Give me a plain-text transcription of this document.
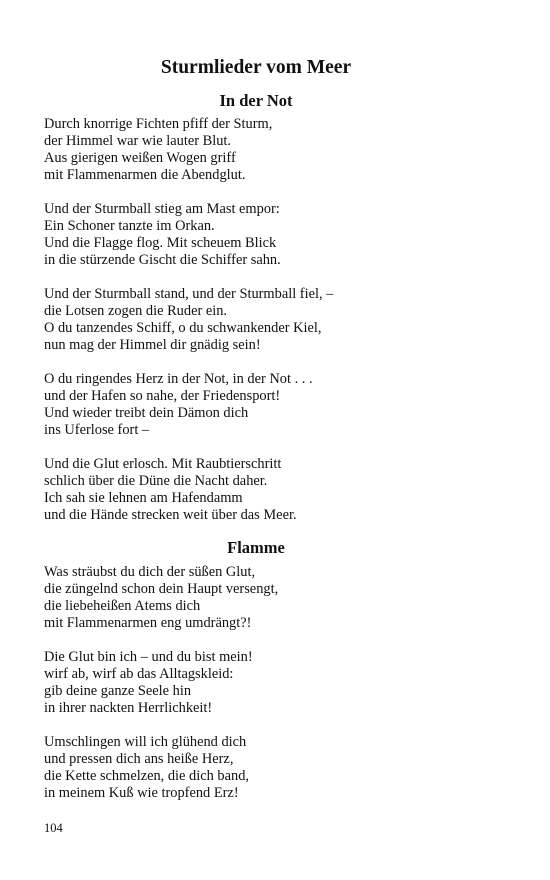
Sturmlieder vom Meer
In der Not
Durch knorrige Fichten pfiff der Sturm,
der Himmel war wie lauter Blut.
Aus gierigen weißen Wogen griff
mit Flammenarmen die Abendglut.
Und der Sturmball stieg am Mast empor:
Ein Schoner tanzte im Orkan.
Und die Flagge flog. Mit scheuem Blick
in die stürzende Gischt die Schiffer sahn.
Und der Sturmball stand, und der Sturmball fiel, –
die Lotsen zogen die Ruder ein.
O du tanzendes Schiff, o du schwankender Kiel,
nun mag der Himmel dir gnädig sein!
O du ringendes Herz in der Not, in der Not . . .
und der Hafen so nahe, der Friedensport!
Und wieder treibt dein Dämon dich
ins Uferlose fort –
Und die Glut erlosch. Mit Raubtierschritt
schlich über die Düne die Nacht daher.
Ich sah sie lehnen am Hafendamm
und die Hände strecken weit über das Meer.
Flamme
Was sträubst du dich der süßen Glut,
die züngelnd schon dein Haupt versengt,
die liebeheißen Atems dich
mit Flammenarmen eng umdrängt?!
Die Glut bin ich – und du bist mein!
wirf ab, wirf ab das Alltagskleid:
gib deine ganze Seele hin
in ihrer nackten Herrlichkeit!
Umschlingen will ich glühend dich
und pressen dich ans heiße Herz,
die Kette schmelzen, die dich band,
in meinem Kuß wie tropfend Erz!
104
